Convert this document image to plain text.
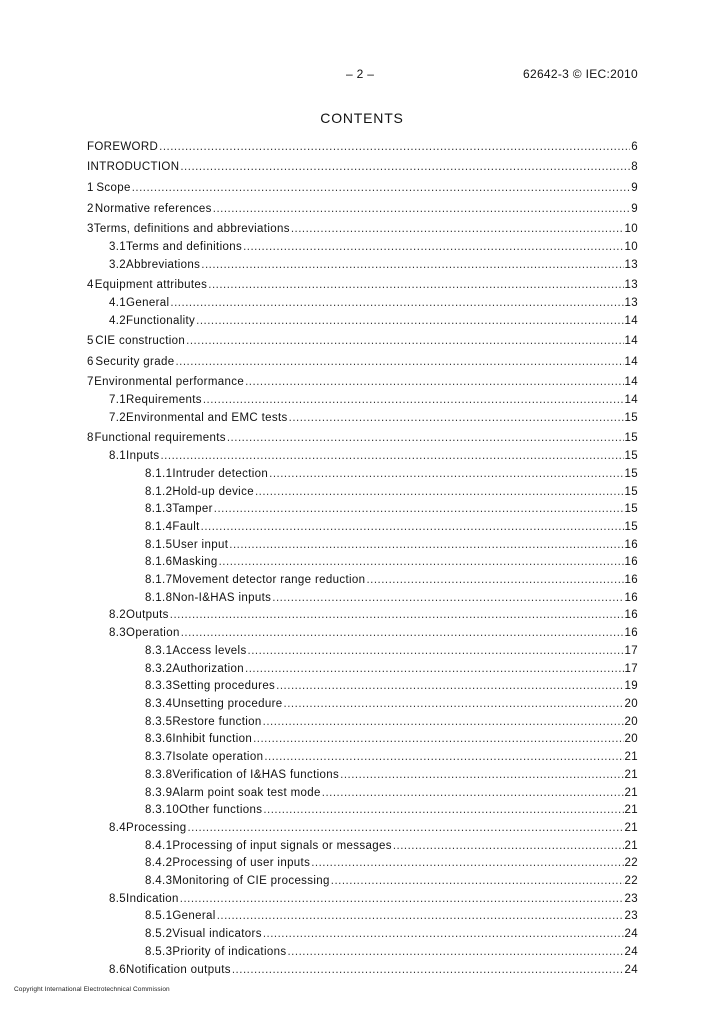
– 2 –	62642-3 © IEC:2010
CONTENTS
FOREWORD .....	6
INTRODUCTION .....	8
1 Scope .....	9
2 Normative references .....	9
3 Terms, definitions and abbreviations .....	10
3.1 Terms and definitions .....	10
3.2 Abbreviations .....	13
4 Equipment attributes .....	13
4.1 General .....	13
4.2 Functionality .....	14
5 CIE construction .....	14
6 Security grade .....	14
7 Environmental performance .....	14
7.1 Requirements .....	14
7.2 Environmental and EMC tests .....	15
8 Functional requirements .....	15
8.1 Inputs .....	15
8.1.1 Intruder detection .....	15
8.1.2 Hold-up device .....	15
8.1.3 Tamper .....	15
8.1.4 Fault .....	15
8.1.5 User input .....	16
8.1.6 Masking .....	16
8.1.7 Movement detector range reduction .....	16
8.1.8 Non-I&HAS inputs .....	16
8.2 Outputs .....	16
8.3 Operation .....	16
8.3.1 Access levels .....	17
8.3.2 Authorization .....	17
8.3.3 Setting procedures .....	19
8.3.4 Unsetting procedure .....	20
8.3.5 Restore function .....	20
8.3.6 Inhibit function .....	20
8.3.7 Isolate operation .....	21
8.3.8 Verification of I&HAS functions .....	21
8.3.9 Alarm point soak test mode .....	21
8.3.10 Other functions .....	21
8.4 Processing .....	21
8.4.1 Processing of input signals or messages .....	21
8.4.2 Processing of user inputs .....	22
8.4.3 Monitoring of CIE processing .....	22
8.5 Indication .....	23
8.5.1 General .....	23
8.5.2 Visual indicators .....	24
8.5.3 Priority of indications .....	24
8.6 Notification outputs .....	24
Copyright International Electrotechnical Commission
